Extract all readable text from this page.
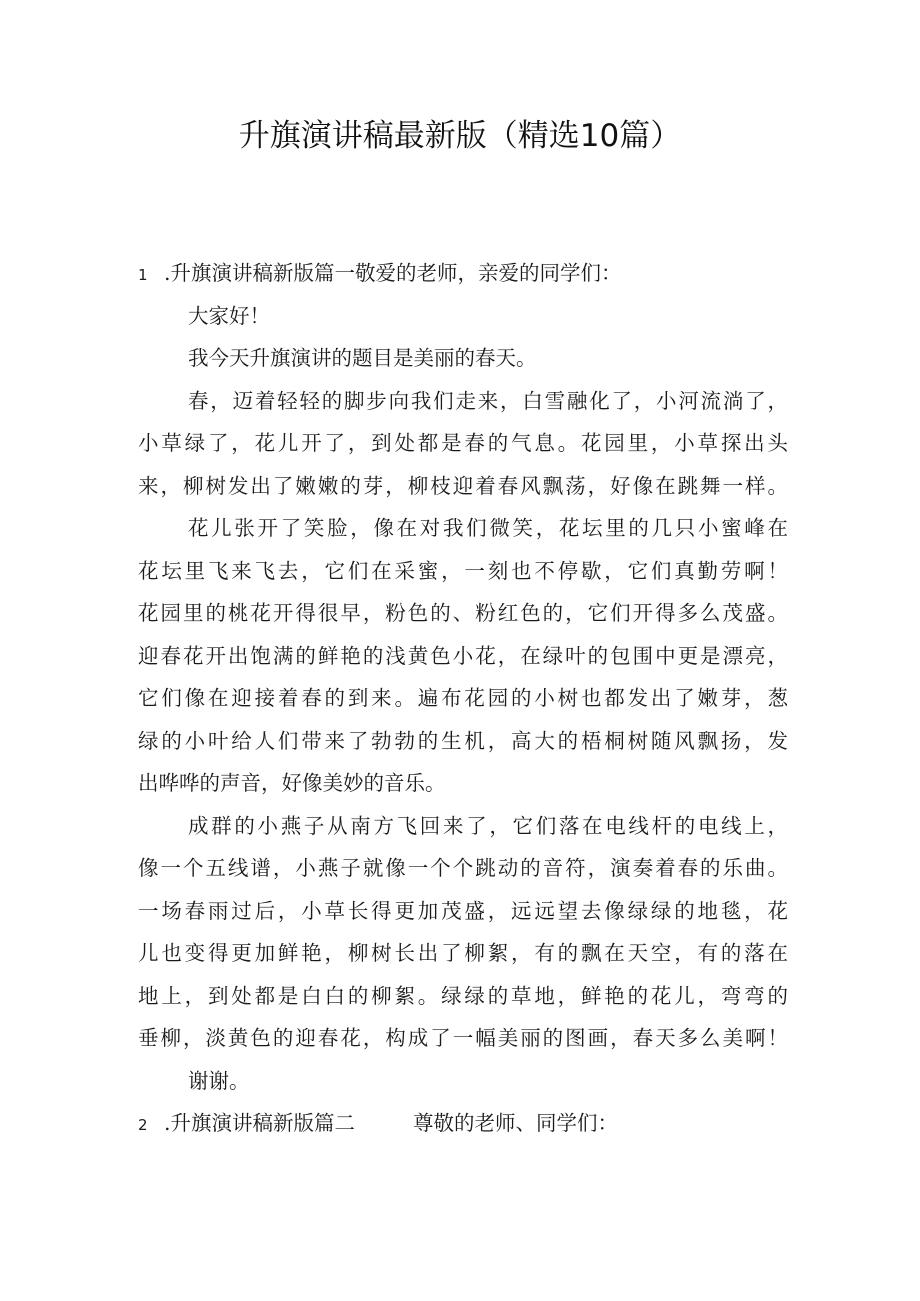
升旗演讲稿最新版（精选10篇）
1 .升旗演讲稿新版篇一敬爱的老师，亲爱的同学们：
大家好！
我今天升旗演讲的题目是美丽的春天。
春，迈着轻轻的脚步向我们走来，白雪融化了，小河流淌了，
小草绿了，花儿开了，到处都是春的气息。花园里，小草探出头
来，柳树发出了嫩嫩的芽，柳枝迎着春风飘荡，好像在跳舞一样。
花儿张开了笑脸，像在对我们微笑，花坛里的几只小蜜峰在
花坛里飞来飞去，它们在采蜜，一刻也不停歇，它们真勤劳啊！
花园里的桃花开得很早，粉色的、粉红色的，它们开得多么茂盛。
迎春花开出饱满的鲜艳的浅黄色小花，在绿叶的包围中更是漂亮，
它们像在迎接着春的到来。遍布花园的小树也都发出了嫩芽，葱
绿的小叶给人们带来了勃勃的生机，高大的梧桐树随风飘扬，发
出哗哗的声音，好像美妙的音乐。
成群的小燕子从南方飞回来了，它们落在电线杆的电线上，
像一个五线谱，小燕子就像一个个跳动的音符，演奏着春的乐曲。
一场春雨过后，小草长得更加茂盛，远远望去像绿绿的地毯，花
儿也变得更加鲜艳，柳树长出了柳絮，有的飘在天空，有的落在
地上，到处都是白白的柳絮。绿绿的草地，鲜艳的花儿，弯弯的
垂柳，淡黄色的迎春花，构成了一幅美丽的图画，春天多么美啊！
谢谢。
2 .升旗演讲稿新版篇二	尊敬的老师、同学们：
